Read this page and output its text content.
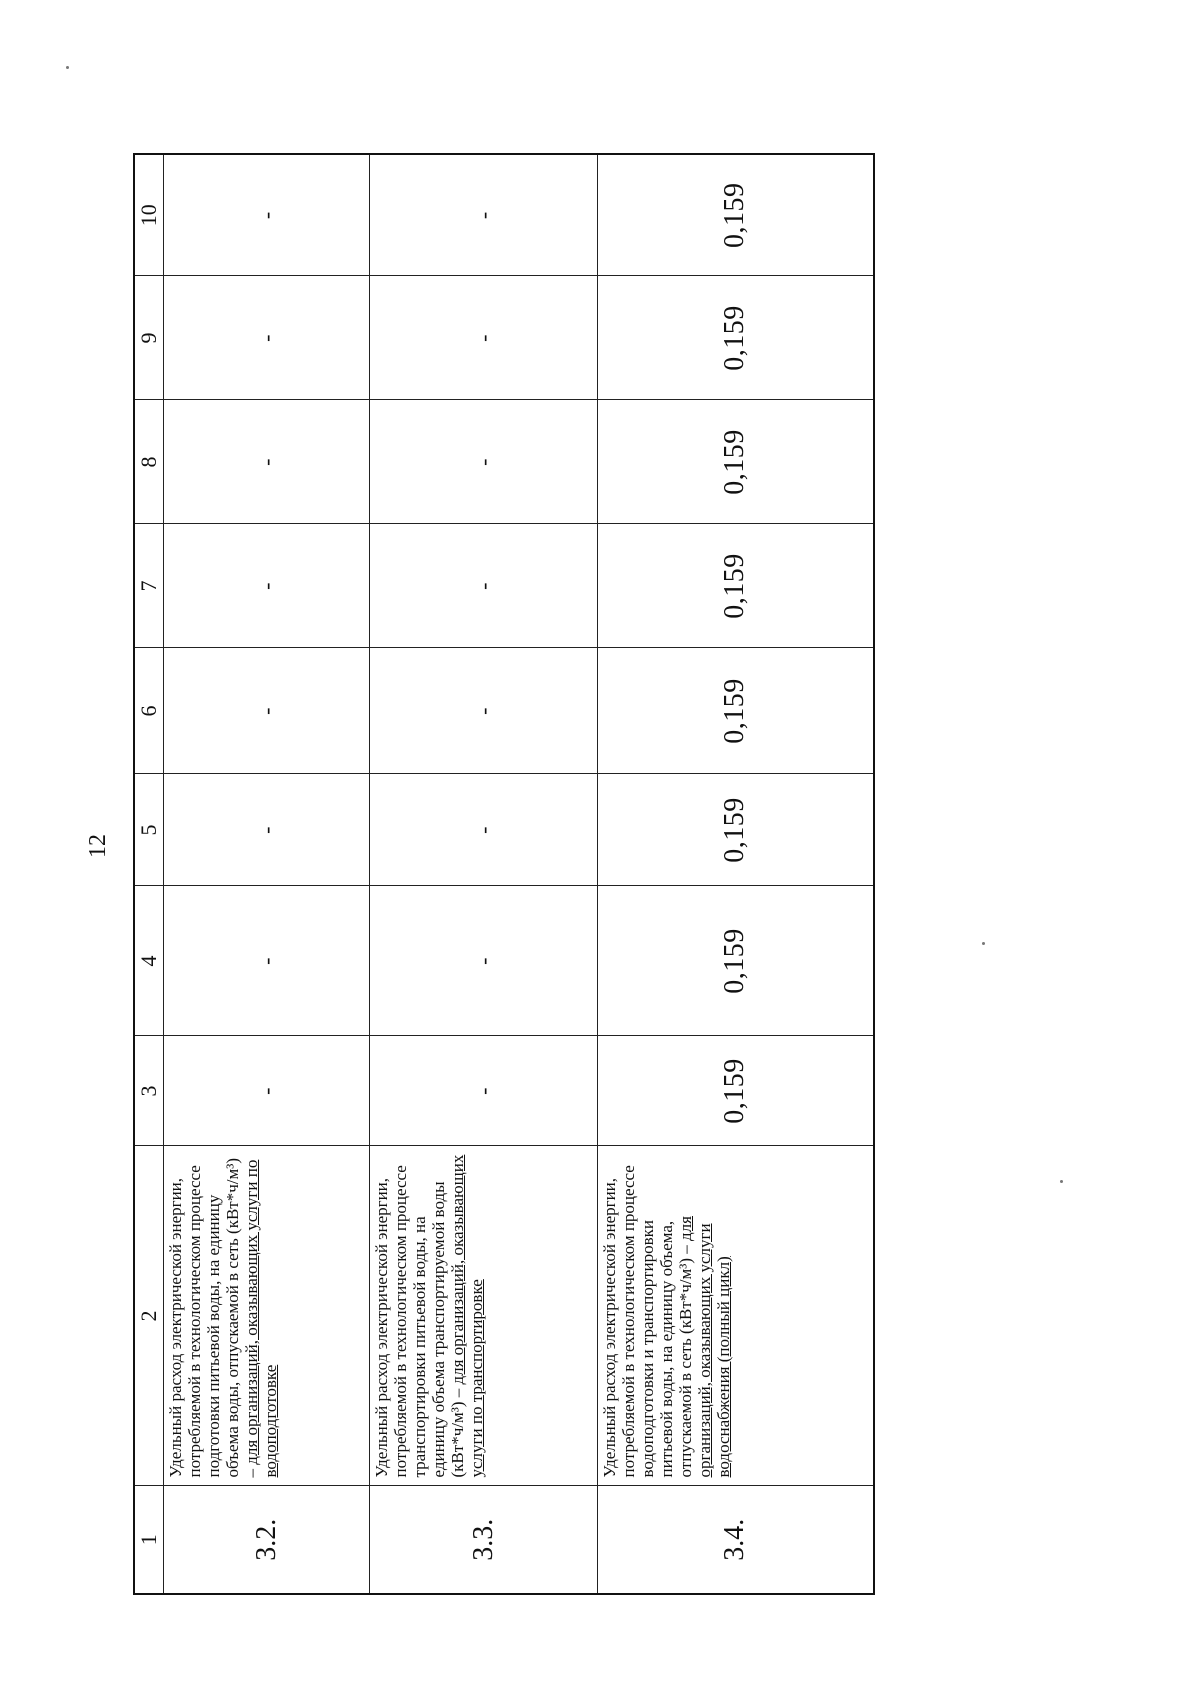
12
1	2	3	4	5	6	7	8	9	10
3.2.	Удельный расход электрической энергии, потребляемой в технологическом процессе подготовки питьевой воды, на единицу объема воды, отпускаемой в сеть (кВт*ч/м³) – для организаций, оказывающих услуги по водоподготовке	-	-	-	-	-	-	-	-
3.3.	Удельный расход электрической энергии, потребляемой в технологическом процессе транспортировки питьевой воды, на единицу объема транспортируемой воды (кВт*ч/м³) – для организаций, оказывающих услуги по транспортировке	-	-	-	-	-	-	-	-
3.4.	Удельный расход электрической энергии, потребляемой в технологическом процессе водоподготовки и транспортировки питьевой воды, на единицу объема, отпускаемой в сеть (кВт*ч/м³) – для организаций, оказывающих услуги водоснабжения (полный цикл)	0,159	0,159	0,159	0,159	0,159	0,159	0,159	0,159
